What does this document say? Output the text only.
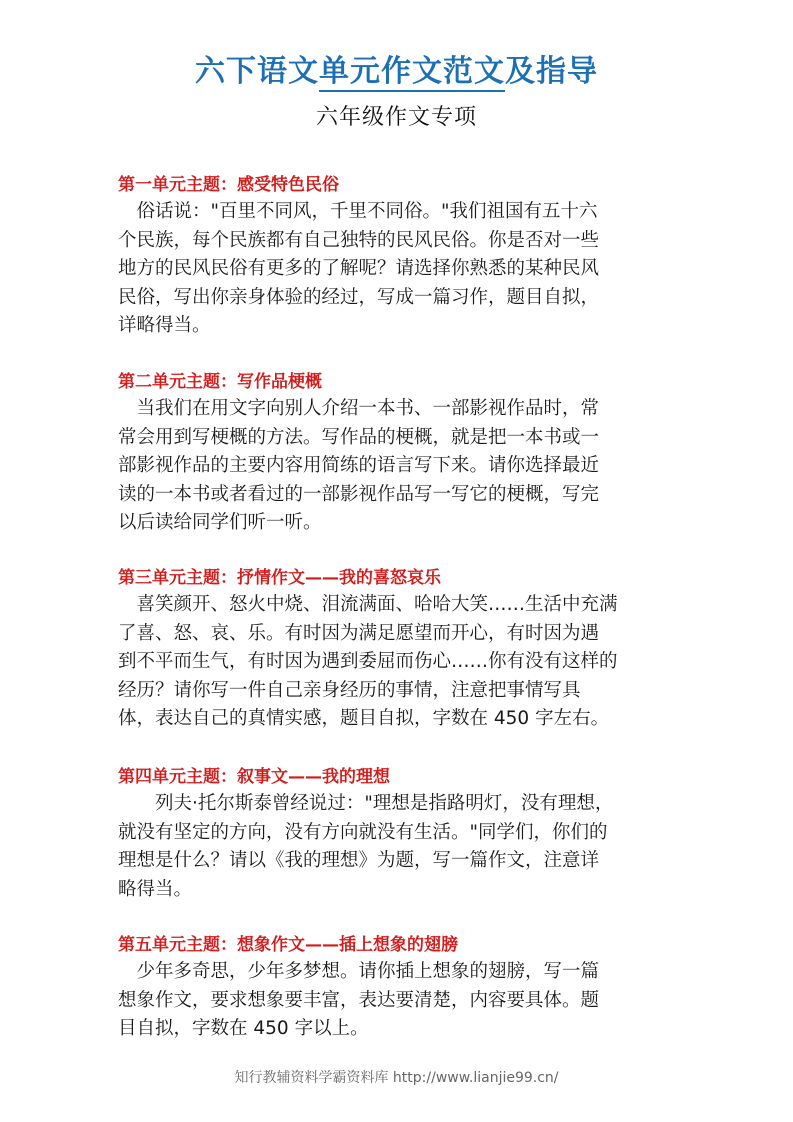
六下语文单元作文范文及指导
六年级作文专项
第一单元主题：感受特色民俗
　俗话说："百里不同风，千里不同俗。"我们祖国有五十六
个民族，每个民族都有自己独特的民风民俗。你是否对一些
地方的民风民俗有更多的了解呢？请选择你熟悉的某种民风
民俗，写出你亲身体验的经过，写成一篇习作，题目自拟，
详略得当。
第二单元主题：写作品梗概
　当我们在用文字向别人介绍一本书、一部影视作品时，常
常会用到写梗概的方法。写作品的梗概，就是把一本书或一
部影视作品的主要内容用简练的语言写下来。请你选择最近
读的一本书或者看过的一部影视作品写一写它的梗概，写完
以后读给同学们听一听。
第三单元主题：抒情作文——我的喜怒哀乐
　喜笑颜开、怒火中烧、泪流满面、哈哈大笑……生活中充满
了喜、怒、哀、乐。有时因为满足愿望而开心，有时因为遇
到不平而生气，有时因为遇到委屈而伤心……你有没有这样的
经历？请你写一件自己亲身经历的事情，注意把事情写具
体，表达自己的真情实感，题目自拟，字数在 450 字左右。
第四单元主题：叙事文——我的理想
　　列夫·托尔斯泰曾经说过："理想是指路明灯，没有理想，
就没有坚定的方向，没有方向就没有生活。"同学们，你们的
理想是什么？请以《我的理想》为题，写一篇作文，注意详
略得当。
第五单元主题：想象作文——插上想象的翅膀
　少年多奇思，少年多梦想。请你插上想象的翅膀，写一篇
想象作文，要求想象要丰富，表达要清楚，内容要具体。题
目自拟，字数在 450 字以上。
知行教辅资料学霸资料库 http://www.lianjie99.cn/
